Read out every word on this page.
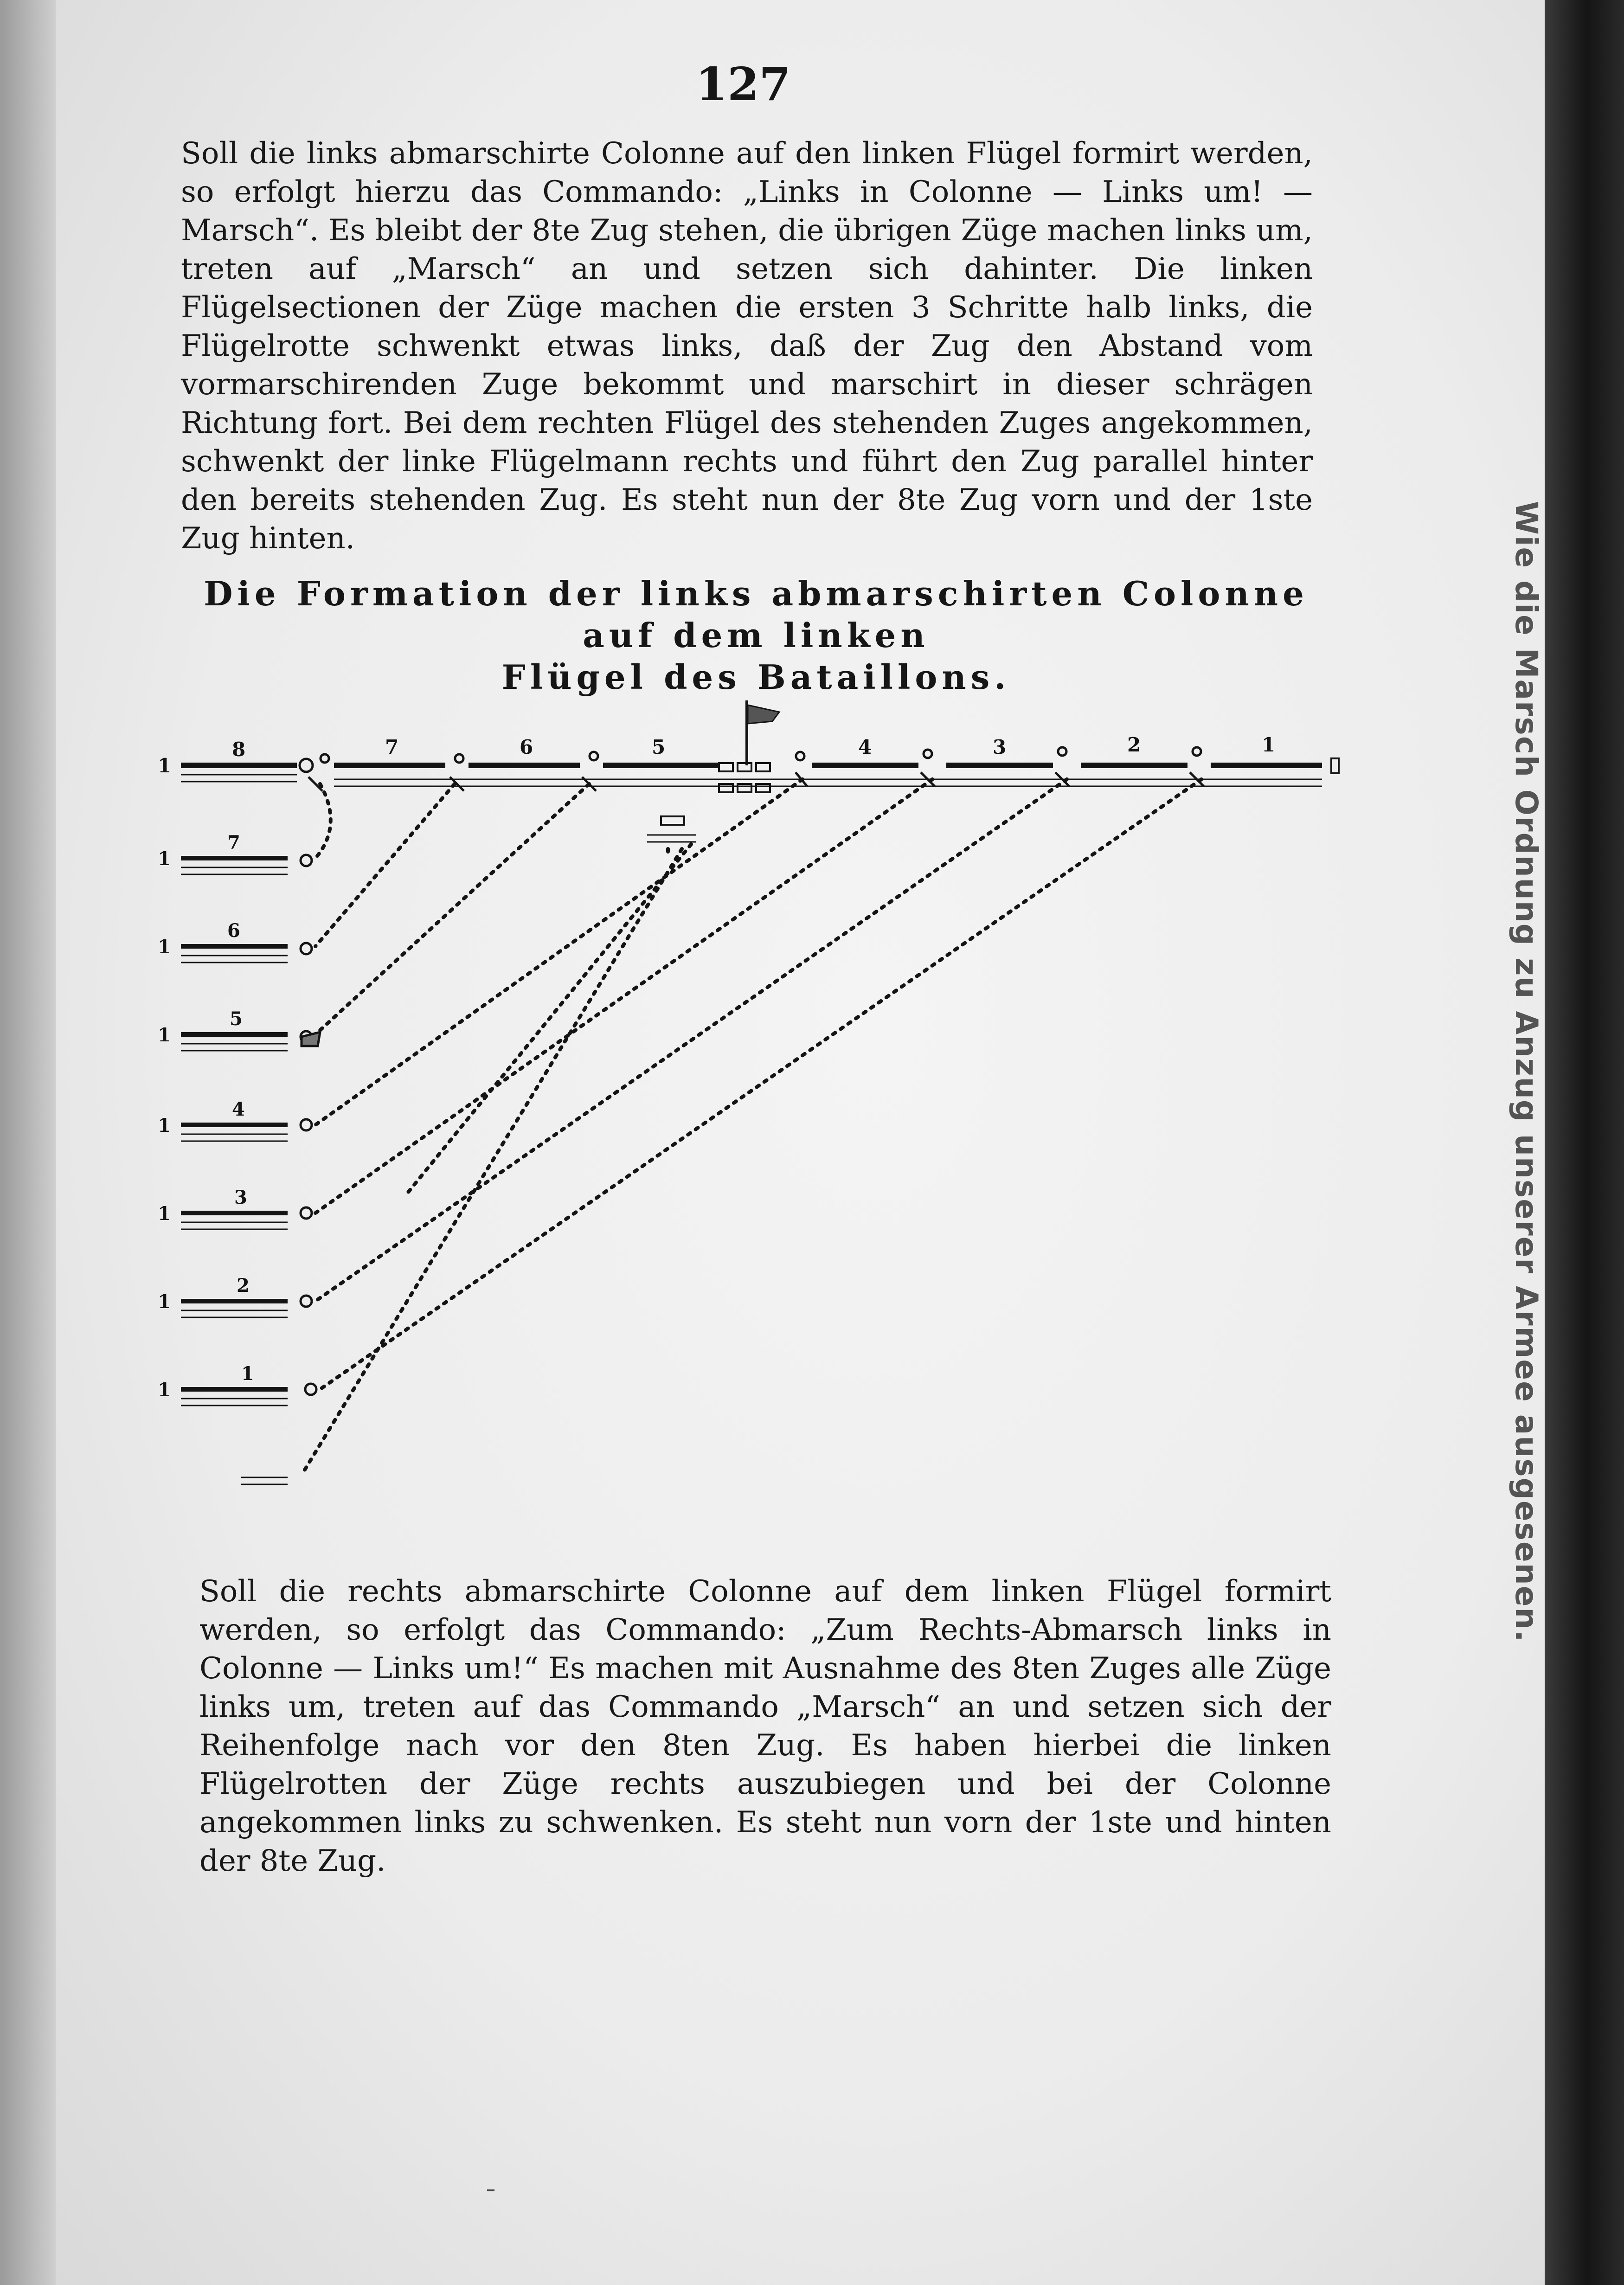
127

Soll die links abmarschirte Colonne auf den linken Flügel formirt werden, so erfolgt hierzu das Commando: „Links in Colonne — Links um! — Marsch“. Es bleibt der 8te Zug stehen, die übrigen Züge machen links um, treten auf „Marsch“ an und setzen sich dahinter. Die linken Flügelsectionen der Züge machen die ersten 3 Schritte halb links, die Flügelrotte schwenkt etwas links, daß der Zug den Abstand vom vormarschirenden Zuge bekommt und marschirt in dieser schrägen Richtung fort. Bei dem rechten Flügel des stehenden Zuges angekommen, schwenkt der linke Flügelmann rechts und führt den Zug parallel hinter den bereits stehenden Zug. Es steht nun der 8te Zug vorn und der 1ste Zug hinten.

Die Formation der links abmarschirten Colonne auf dem linken
Flügel des Bataillons.
8	7	6	5	4	3	2	1
1
7
6
5
4
3
2
1
1
1
1
1
1
1
1

Soll die rechts abmarschirte Colonne auf dem linken Flügel formirt werden, so erfolgt das Commando: „Zum Rechts-Abmarsch links in Colonne — Links um!“ Es machen mit Ausnahme des 8ten Zuges alle Züge links um, treten auf das Commando „Marsch“ an und setzen sich der Reihenfolge nach vor den 8ten Zug. Es haben hierbei die linken Flügelrotten der Züge rechts auszubiegen und bei der Colonne angekommen links zu schwenken. Es steht nun vorn der 1ste und hinten der 8te Zug.

Wie die Marsch Ordnung zu Anzug unserer Armee ausgesenen.
